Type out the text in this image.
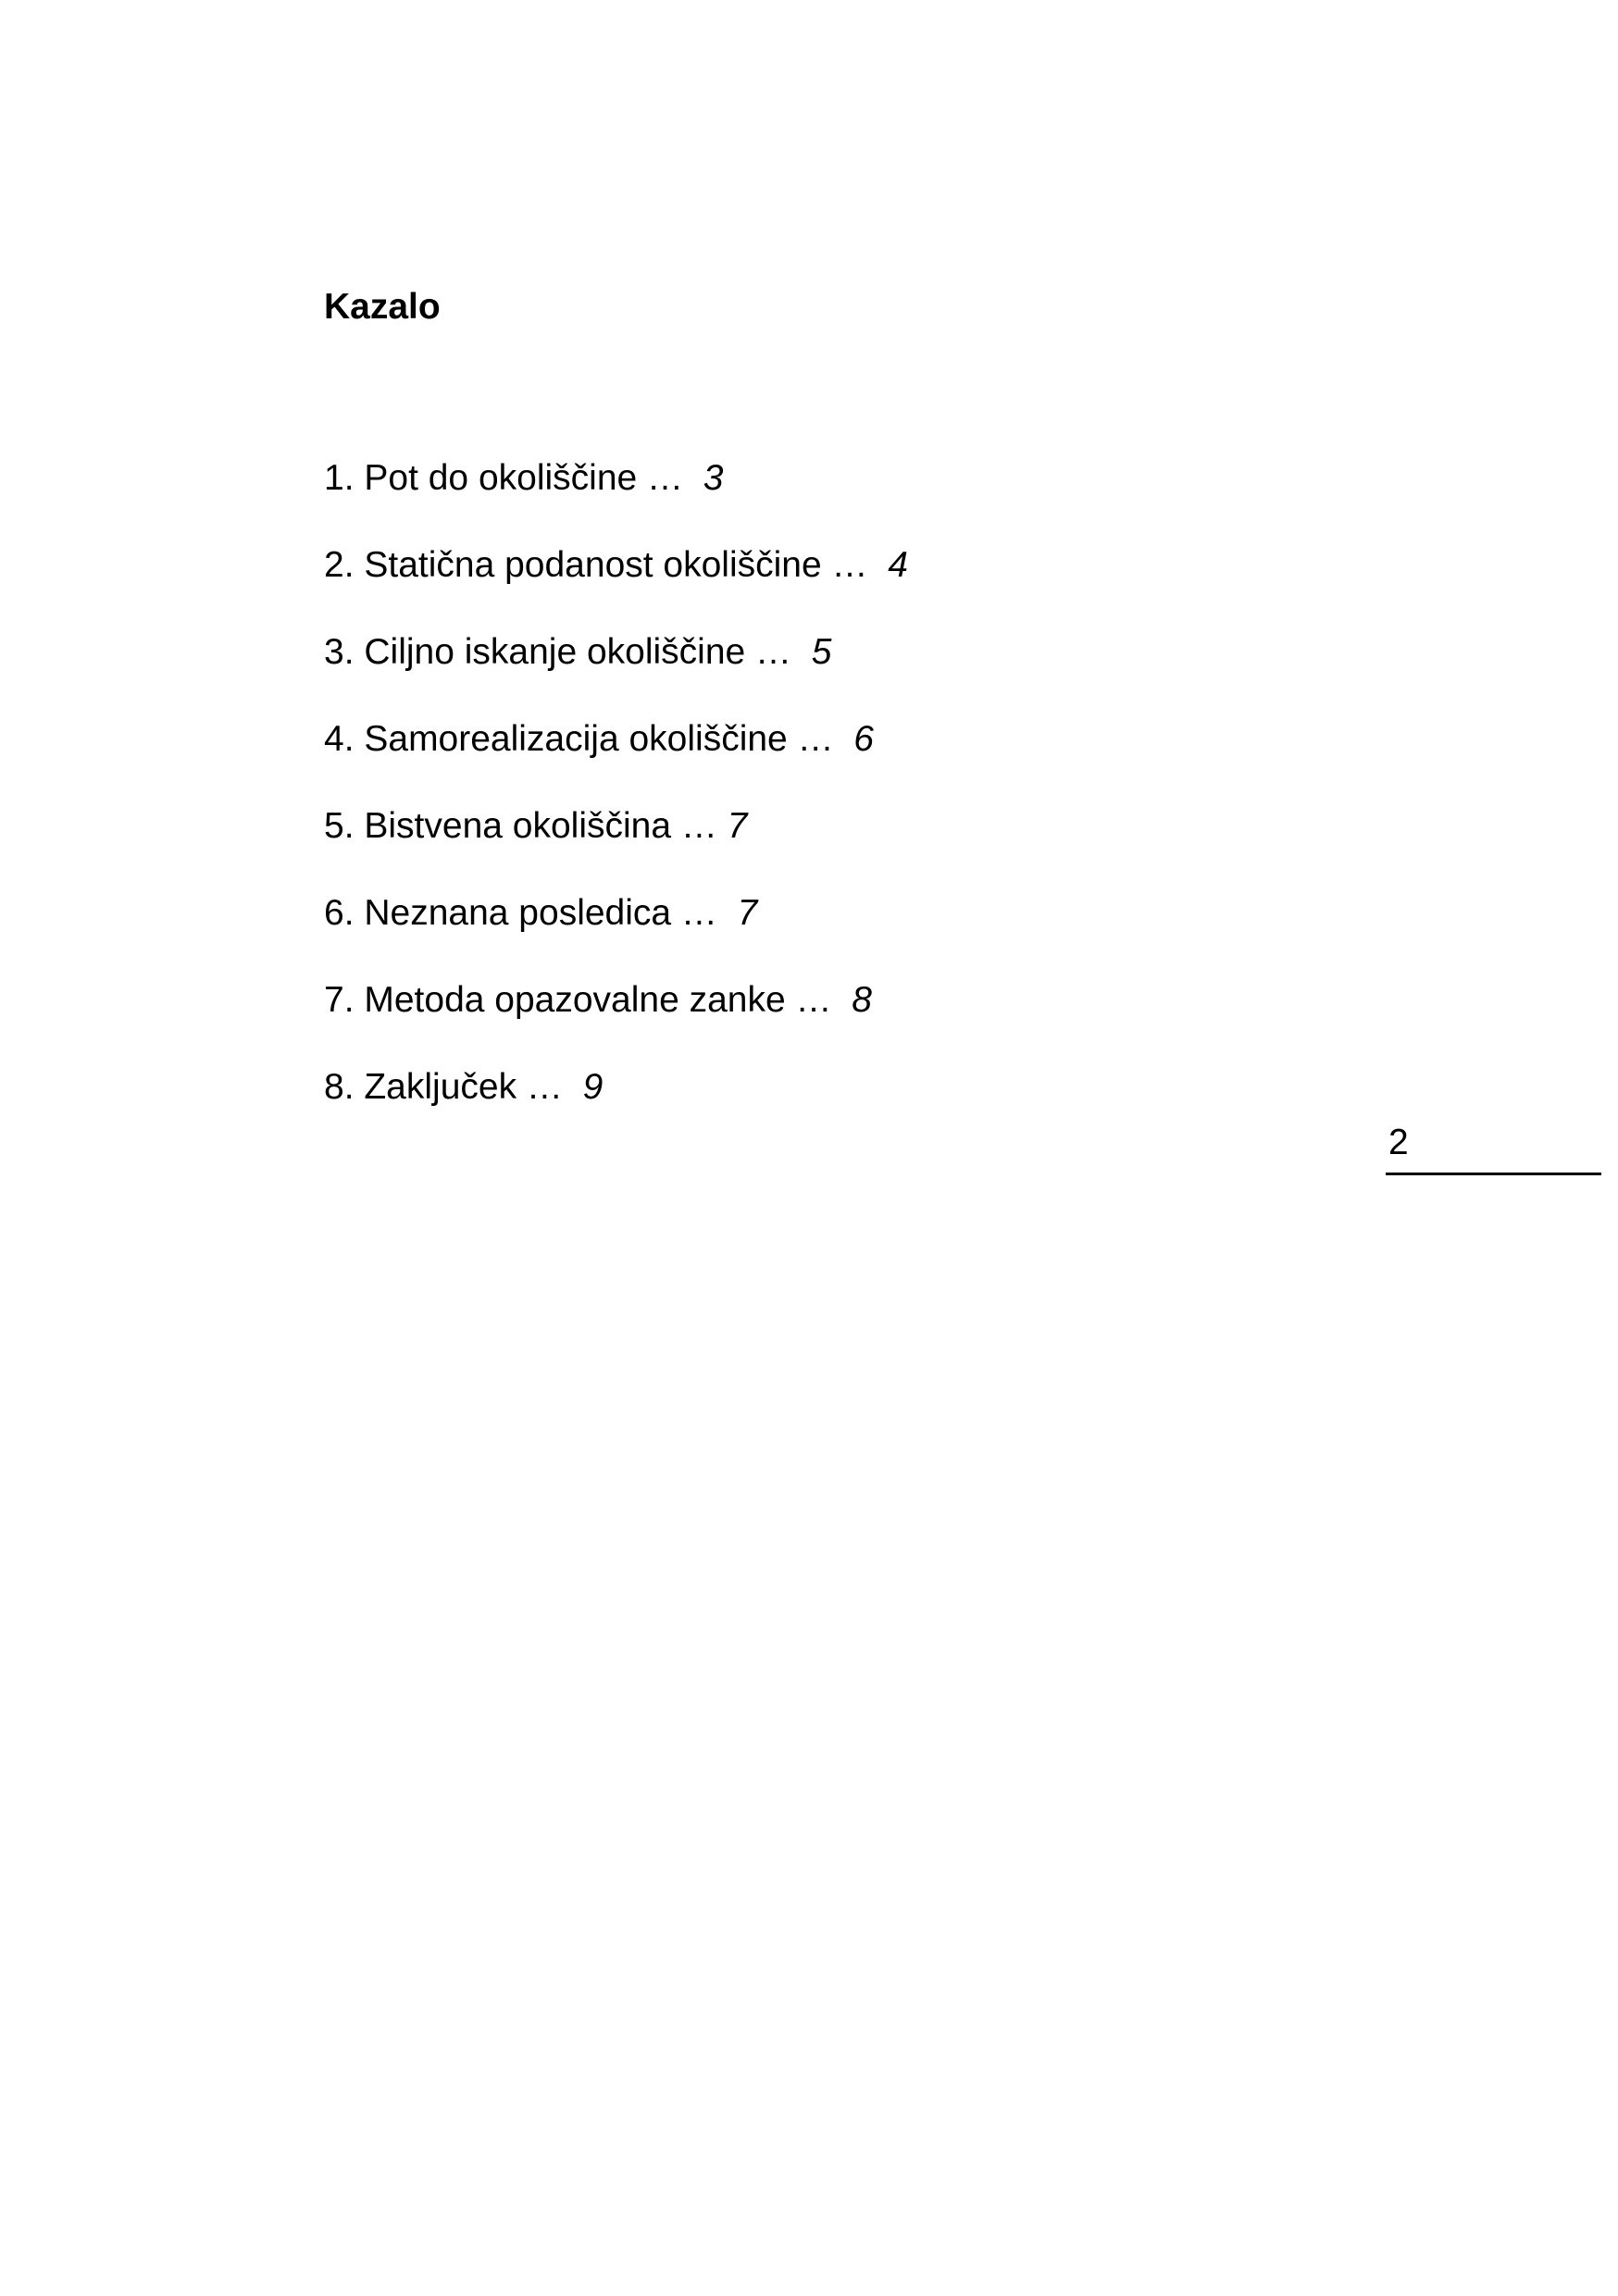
Kazalo
1. Pot do okoliščine … 3
2. Statična podanost okoliščine … 4
3. Ciljno iskanje okoliščine … 5
4. Samorealizacija okoliščine … 6
5. Bistvena okoliščina … 7
6. Neznana posledica … 7
7. Metoda opazovalne zanke … 8
8. Zaključek … 9
2
